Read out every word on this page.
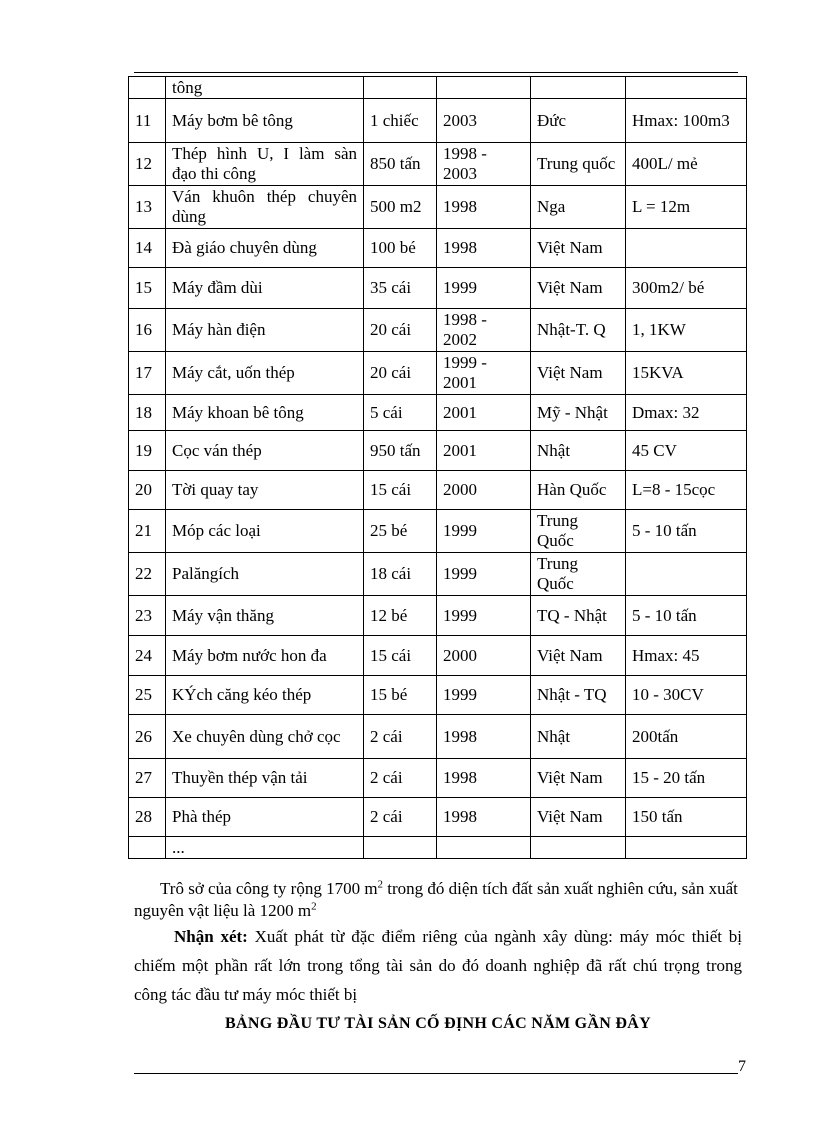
	tông				
11	Máy bơm bê tông	1 chiếc	2003	Đức	Hmax: 100m3
12	Thép hình U, I làm sàn đạo thi công	850 tấn	1998 - 2003	Trung quốc	400L/ mẻ
13	Ván khuôn thép chuyên dùng	500 m2	1998	Nga	L = 12m
14	Đà giáo chuyên dùng	100 bé	1998	Việt Nam	
15	Máy đầm dùi	35 cái	1999	Việt Nam	300m2/ bé
16	Máy hàn điện	20 cái	1998 - 2002	Nhật-T. Q	1, 1KW
17	Máy cắt, uốn thép	20 cái	1999 - 2001	Việt Nam	15KVA
18	Máy khoan bê tông	5 cái	2001	Mỹ - Nhật	Dmax: 32
19	Cọc ván thép	950 tấn	2001	Nhật	45 CV
20	Tời quay tay	15 cái	2000	Hàn Quốc	L=8 - 15cọc
21	Móp các loại	25 bé	1999	Trung Quốc	5 - 10 tấn
22	Palăngích	18 cái	1999	Trung Quốc	
23	Máy vận thăng	12 bé	1999	TQ - Nhật	5 - 10 tấn
24	Máy bơm nước hon đa	15 cái	2000	Việt Nam	Hmax: 45
25	KÝch căng kéo thép	15 bé	1999	Nhật - TQ	10 - 30CV
26	Xe chuyên dùng chở cọc	2 cái	1998	Nhật	200tấn
27	Thuyền thép vận tải	2 cái	1998	Việt Nam	15 - 20 tấn
28	Phà thép	2 cái	1998	Việt Nam	150 tấn
	...				

Trô sở của công ty rộng 1700 $m^2$ trong đó diện tích đất sản xuất nghiên cứu, sản xuất nguyên vật liệu là 1200 $m^2$

Nhận xét: Xuất phát từ đặc điểm riêng của ngành xây dùng: máy móc thiết bị chiếm một phần rất lớn trong tổng tài sản do đó doanh nghiệp đã rất chú trọng trong công tác đầu tư máy móc thiết bị

BẢNG ĐẦU TƯ TÀI SẢN CỐ ĐỊNH CÁC NĂM GẦN ĐÂY
7
